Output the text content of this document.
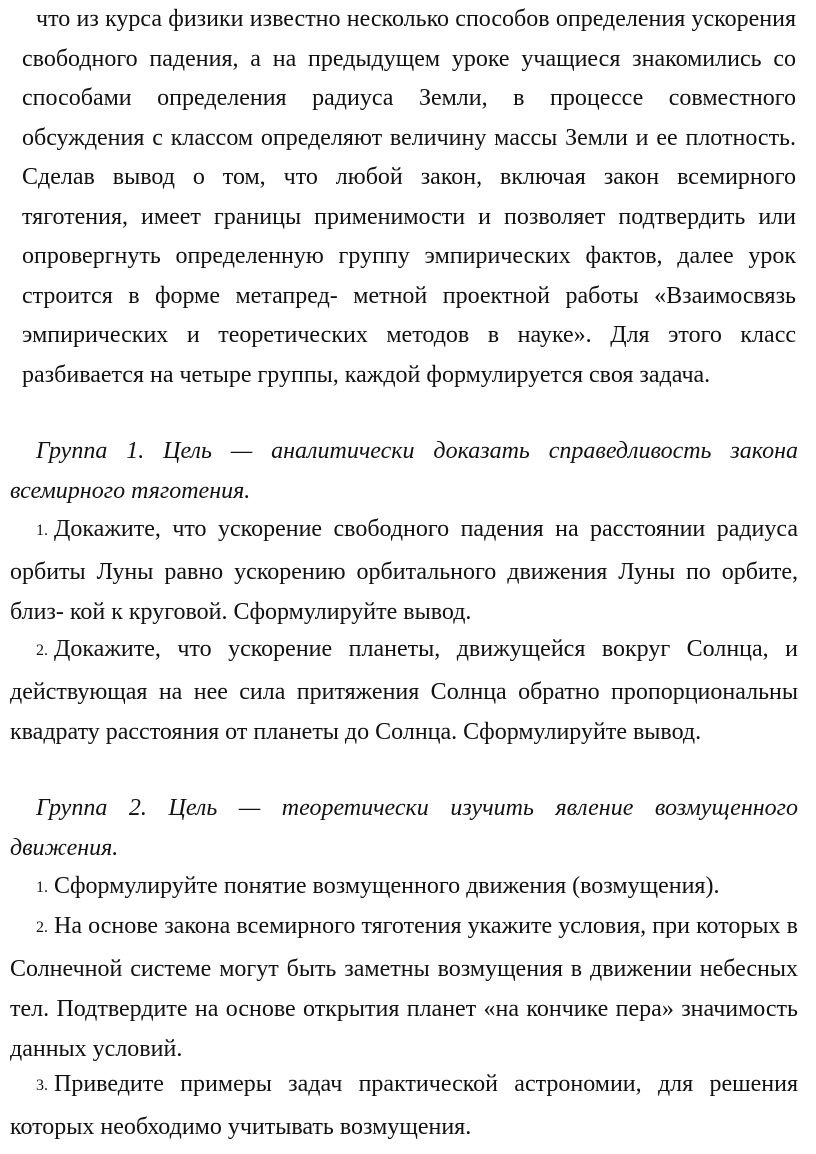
что из курса физики известно несколько способов определения ускорения свободного падения, а на предыдущем уроке учащиеся знакомились со способами определения радиуса Земли, в процессе совместного обсуждения с классом определяют величину массы Земли и ее плотность. Сделав вывод о том, что любой закон, включая закон всемирного тяготения, имеет границы применимости и позволяет подтвердить или опровергнуть определенную группу эмпирических фактов, далее урок строится в форме метапред- метной проектной работы «Взаимосвязь эмпирических и теоретических методов в науке». Для этого класс разбивается на четыре группы, каждой формулируется своя задача.

Группа 1. Цель — аналитически доказать справедливость закона всемирного тяготения.

1. Докажите, что ускорение свободного падения на расстоянии радиуса орбиты Луны равно ускорению орбитального движения Луны по орбите, близ- кой к круговой. Сформулируйте вывод.

2. Докажите, что ускорение планеты, движущейся вокруг Солнца, и действующая на нее сила притяжения Солнца обратно пропорциональны квадрату расстояния от планеты до Солнца. Сформулируйте вывод.

Группа 2. Цель — теоретически изучить явление возмущенного движения.

1. Сформулируйте понятие возмущенного движения (возмущения).

2. На основе закона всемирного тяготения укажите условия, при которых в Солнечной системе могут быть заметны возмущения в движении небесных тел. Подтвердите на основе открытия планет «на кончике пера» значимость данных условий.

3. Приведите примеры задач практической астрономии, для решения которых необходимо учитывать возмущения.
